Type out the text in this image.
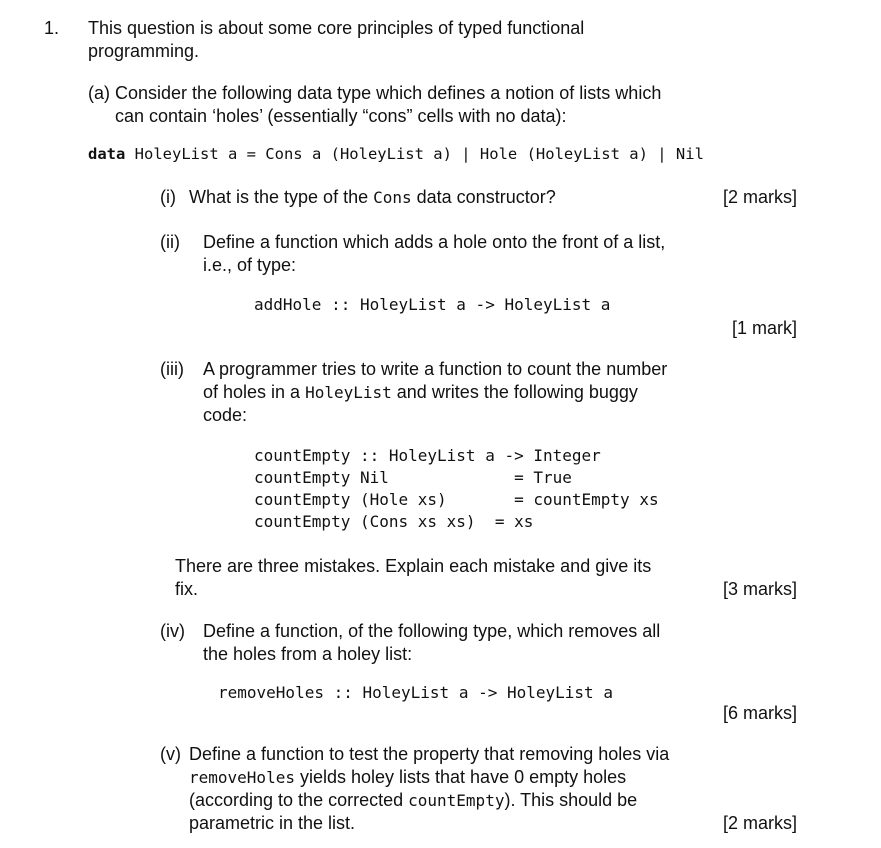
1. This question is about some core principles of typed functional
programming.
(a) Consider the following data type which defines a notion of lists which
can contain ‘holes’ (essentially “cons” cells with no data):
data HoleyList a = Cons a (HoleyList a) | Hole (HoleyList a) | Nil
(i) What is the type of the Cons data constructor?	[2 marks]
(ii) Define a function which adds a hole onto the front of a list,
i.e., of type:
addHole :: HoleyList a -> HoleyList a
[1 mark]
(iii) A programmer tries to write a function to count the number
of holes in a HoleyList and writes the following buggy
code:
countEmpty :: HoleyList a -> Integer
countEmpty Nil             = True
countEmpty (Hole xs)       = countEmpty xs
countEmpty (Cons xs xs)  = xs
There are three mistakes. Explain each mistake and give its
fix.	[3 marks]
(iv) Define a function, of the following type, which removes all
the holes from a holey list:
removeHoles :: HoleyList a -> HoleyList a
[6 marks]
(v) Define a function to test the property that removing holes via
removeHoles yields holey lists that have 0 empty holes
(according to the corrected countEmpty). This should be
parametric in the list.	[2 marks]
